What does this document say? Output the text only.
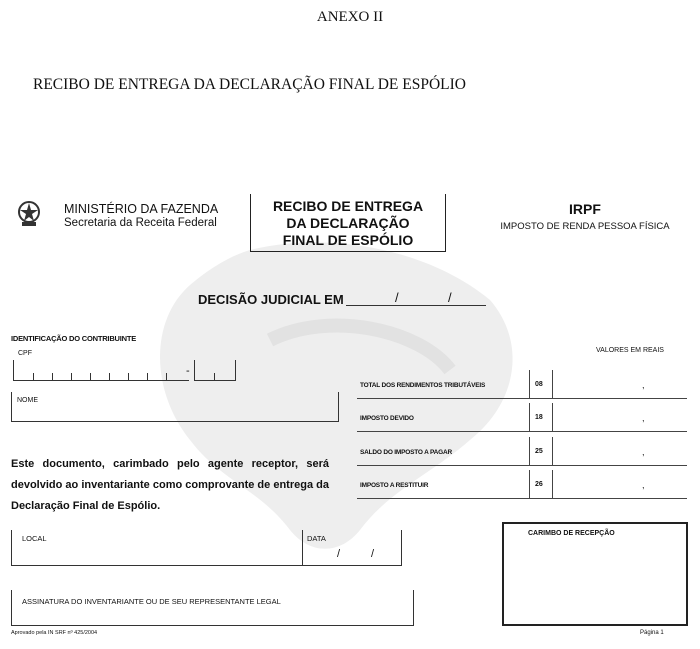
ANEXO II
RECIBO DE ENTREGA DA DECLARAÇÃO FINAL DE ESPÓLIO
MINISTÉRIO DA FAZENDA
Secretaria da Receita Federal
RECIBO DE ENTREGA
DA DECLARAÇÃO
FINAL DE ESPÓLIO
IRPF
IMPOSTO DE RENDA PESSOA FÍSICA
DECISÃO JUDICIAL EM	/	/
IDENTIFICAÇÃO DO CONTRIBUINTE
CPF
-
NOME
Este documento, carimbado pelo agente receptor, será devolvido ao inventariante como comprovante de entrega da Declaração Final de Espólio.
LOCAL	DATA
/	/
ASSINATURA DO INVENTARIANTE OU DE SEU REPRESENTANTE LEGAL
VALORES EM REAIS
TOTAL DOS RENDIMENTOS TRIBUTÁVEIS	08	,
IMPOSTO DEVIDO	18	,
SALDO DO IMPOSTO A PAGAR	25	,
IMPOSTO A RESTITUIR	26	,
CARIMBO DE RECEPÇÃO
Aprovado pela IN SRF nº 425/2004	Página 1
